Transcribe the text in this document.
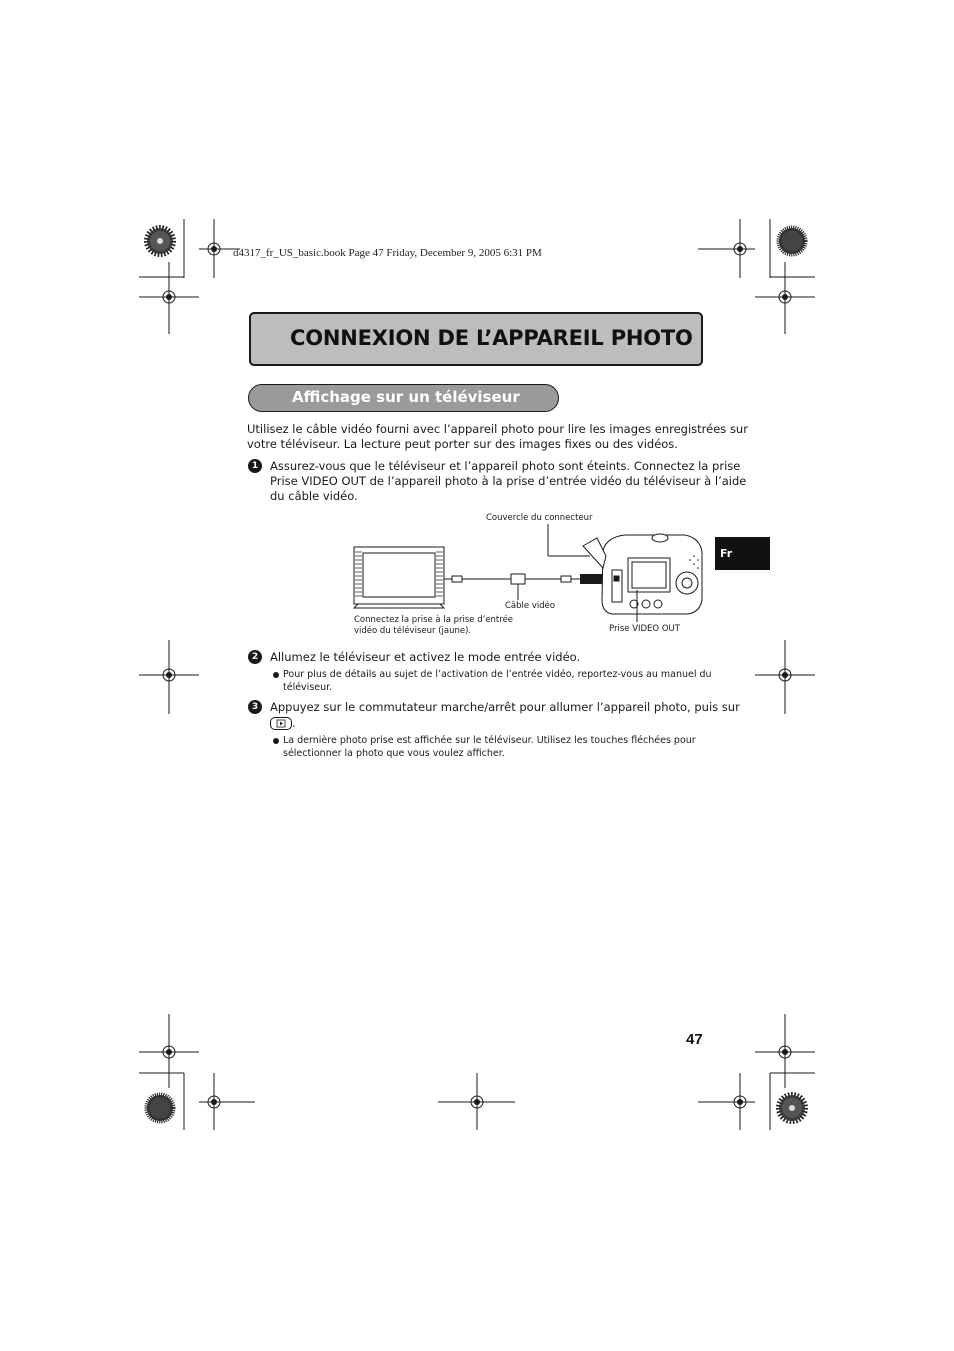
d4317_fr_US_basic.book Page 47 Friday, December 9, 2005 6:31 PM
CONNEXION DE L’APPAREIL PHOTO
Affichage sur un téléviseur
Utilisez le câble vidéo fourni avec l’appareil photo pour lire les images enregistrées sur
votre téléviseur. La lecture peut porter sur des images fixes ou des vidéos.
1	Assurez-vous que le téléviseur et l’appareil photo sont éteints. Connectez la prise
Prise VIDEO OUT de l’appareil photo à la prise d’entrée vidéo du téléviseur à l’aide
du câble vidéo.
Couvercle du connecteur
Câble vidéo
Connectez la prise à la prise d’entrée
vidéo du téléviseur (jaune).	Prise VIDEO OUT
Fr
2	Allumez le téléviseur et activez le mode entrée vidéo.
Pour plus de détails au sujet de l’activation de l’entrée vidéo, reportez-vous au manuel du
téléviseur.
3	Appuyez sur le commutateur marche/arrêt pour allumer l’appareil photo, puis sur
.
La dernière photo prise est affichée sur le téléviseur. Utilisez les touches fléchées pour
sélectionner la photo que vous voulez afficher.
47
